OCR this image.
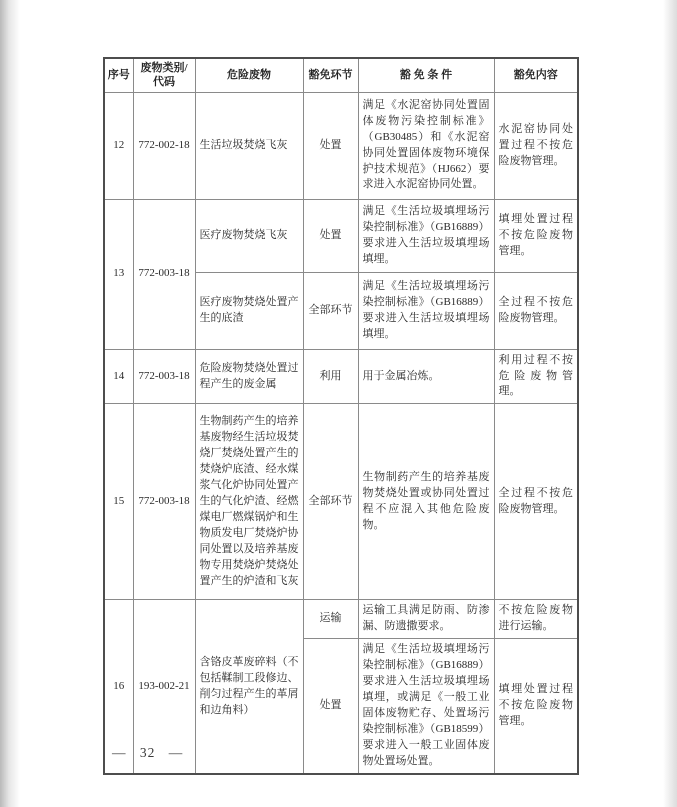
序号	废物类别/代码	危险废物	豁免环节	豁 免 条 件	豁免内容
12	772-002-18	生活垃圾焚烧飞灰	处置	满足《水泥窑协同处置固体废物污染控制标准》（GB30485）和《水泥窑协同处置固体废物环境保护技术规范》（HJ662）要求进入水泥窑协同处置。	水泥窑协同处置过程不按危险废物管理。
13	772-003-18	医疗废物焚烧飞灰	处置	满足《生活垃圾填埋场污染控制标准》（GB16889）要求进入生活垃圾填埋场填埋。	填埋处置过程不按危险废物管理。
		医疗废物焚烧处置产生的底渣	全部环节	满足《生活垃圾填埋场污染控制标准》（GB16889）要求进入生活垃圾填埋场填埋。	全过程不按危险废物管理。
14	772-003-18	危险废物焚烧处置过程产生的废金属	利用	用于金属冶炼。	利用过程不按危险废物管理。
15	772-003-18	生物制药产生的培养基废物经生活垃圾焚烧厂焚烧处置产生的焚烧炉底渣、经水煤浆气化炉协同处置产生的气化炉渣、经燃煤电厂燃煤锅炉和生物质发电厂焚烧炉协同处置以及培养基废物专用焚烧炉焚烧处置产生的炉渣和飞灰	全部环节	生物制药产生的培养基废物焚烧处置或协同处置过程不应混入其他危险废物。	全过程不按危险废物管理。
16	193-002-21	含铬皮革废碎料（不包括鞣制工段修边、削匀过程产生的革屑和边角料）	运输	运输工具满足防雨、防渗漏、防遗撒要求。	不按危险废物进行运输。
			处置	满足《生活垃圾填埋场污染控制标准》（GB16889）要求进入生活垃圾填埋场填埋，或满足《一般工业固体废物贮存、处置场污染控制标准》（GB18599）要求进入一般工业固体废物处置场处置。	填埋处置过程不按危险废物管理。
— 32 —
